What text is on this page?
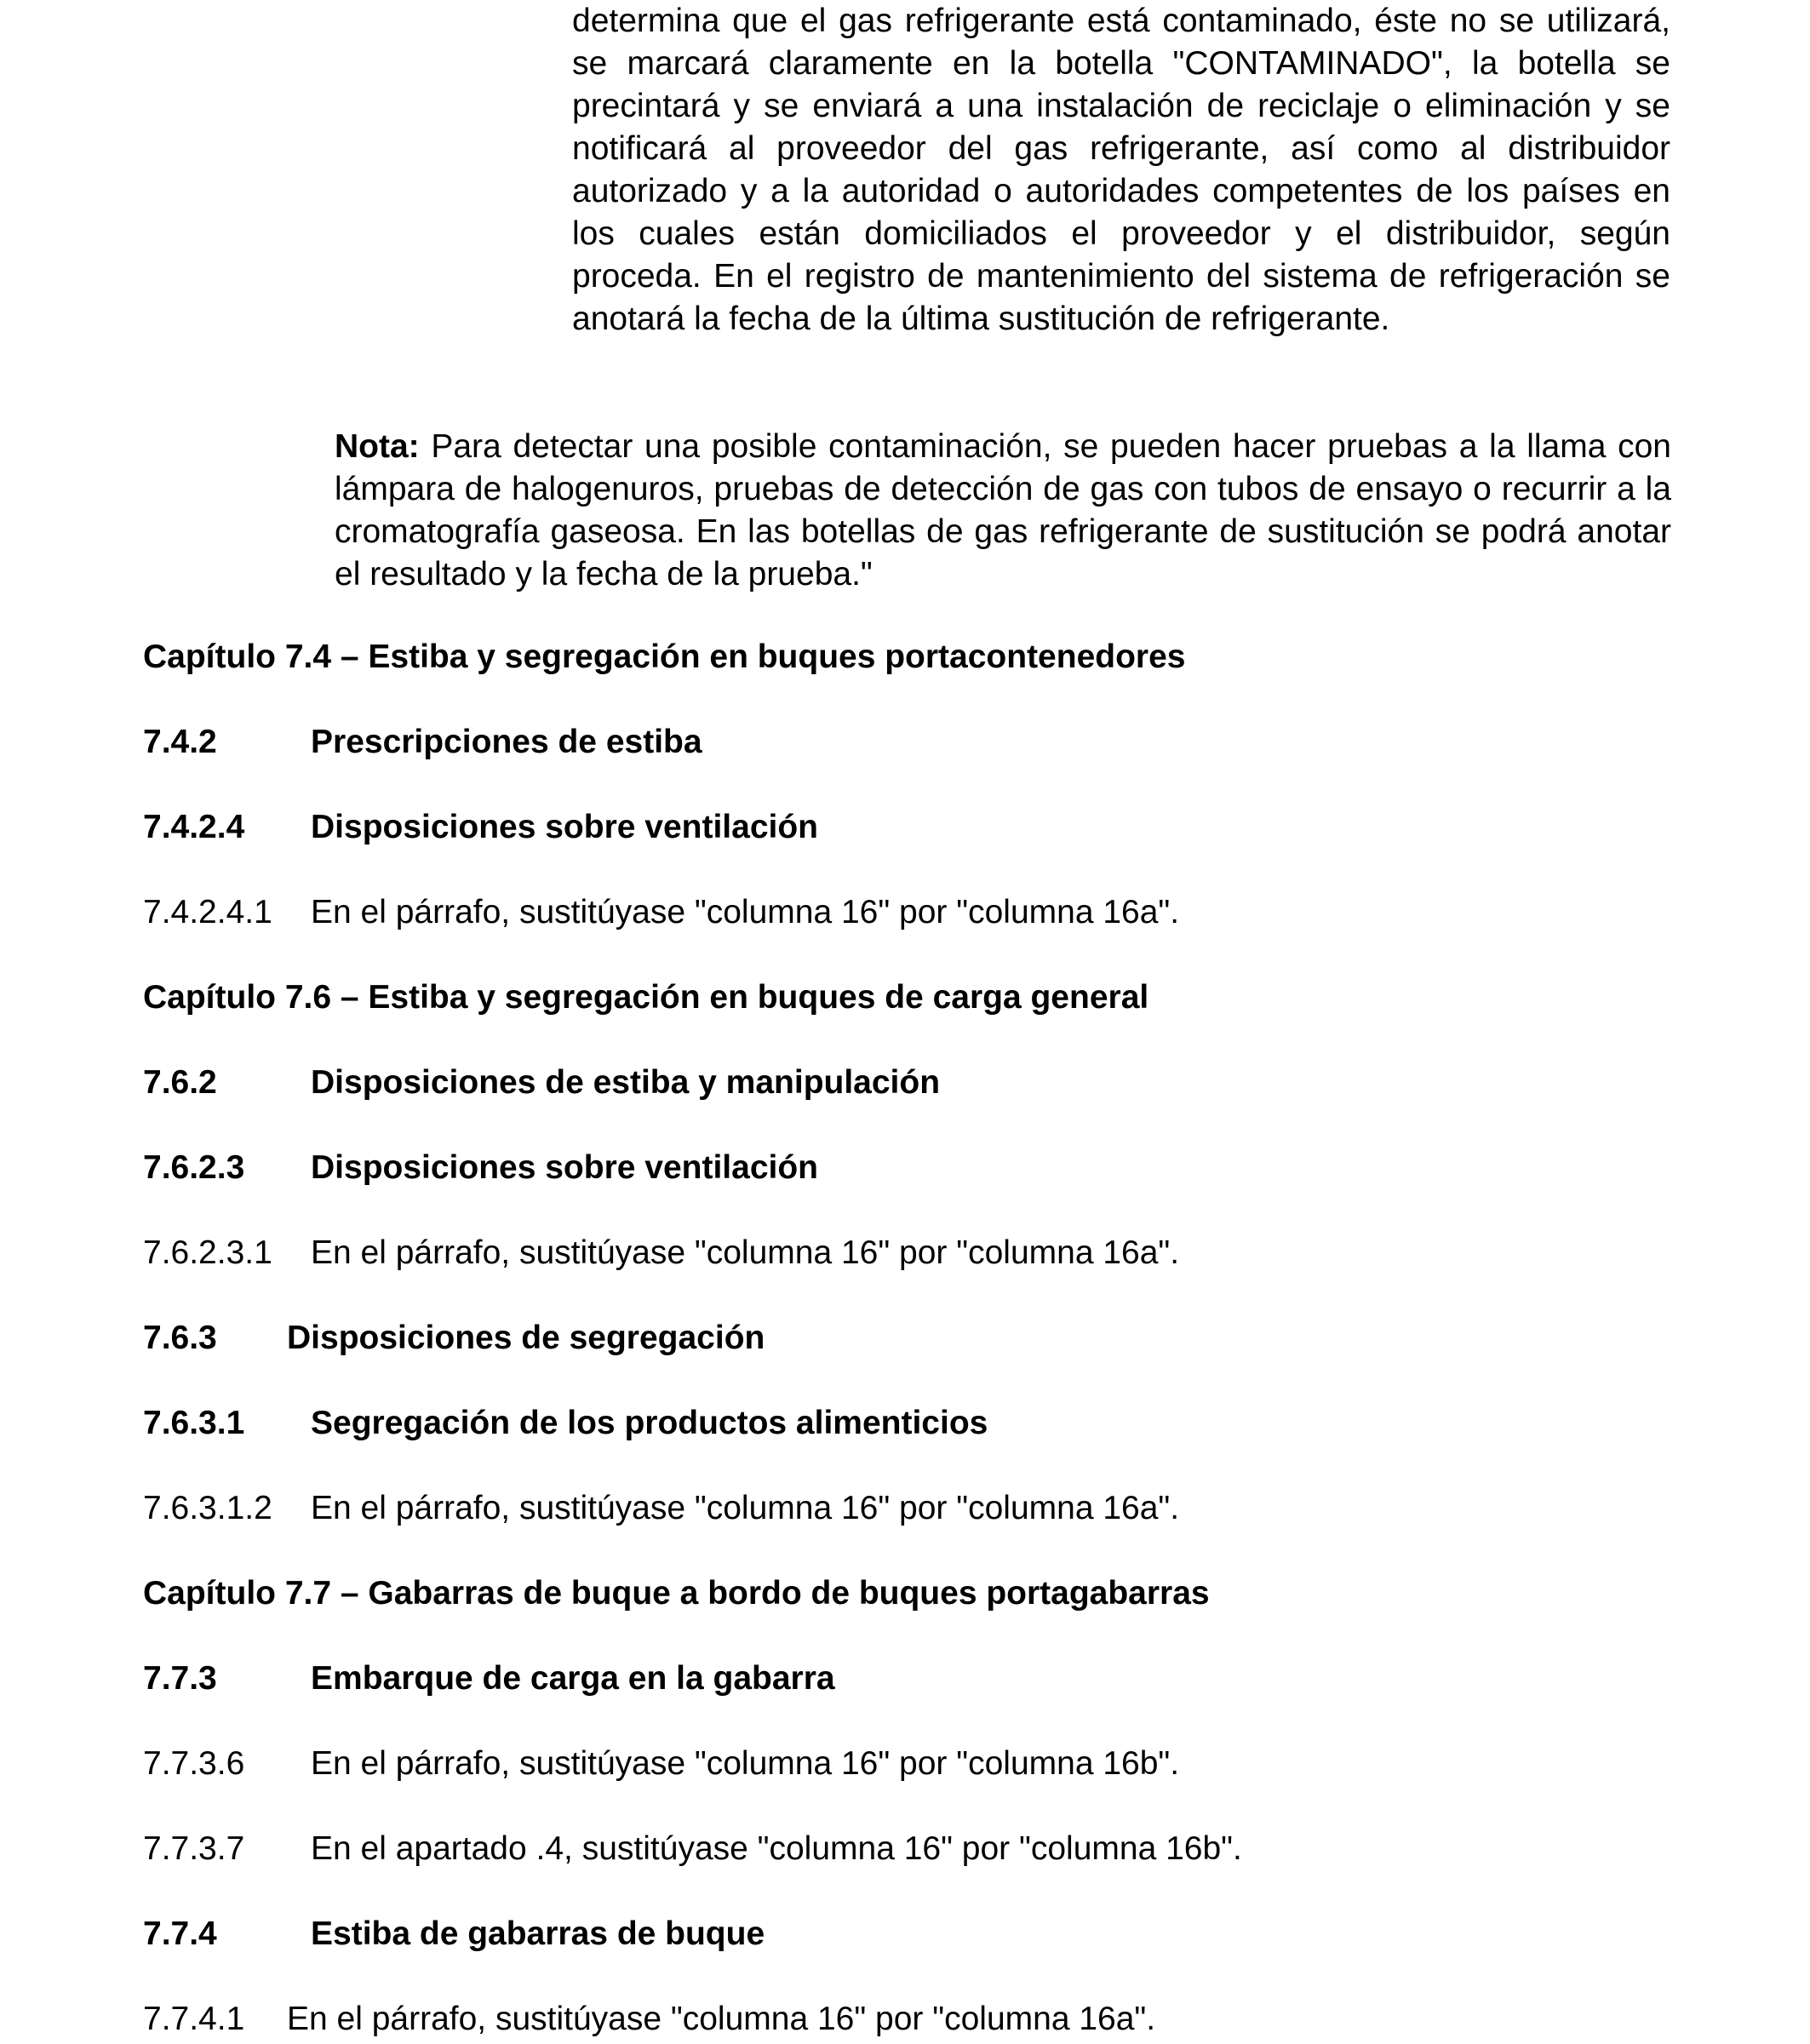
determina que el gas refrigerante está contaminado, éste no se utilizará, se marcará claramente en la botella "CONTAMINADO", la botella se precintará y se enviará a una instalación de reciclaje o eliminación y se notificará al proveedor del gas refrigerante, así como al distribuidor autorizado y a la autoridad o autoridades competentes de los países en los cuales están domiciliados el proveedor y el distribuidor, según proceda. En el registro de mantenimiento del sistema de refrigeración se anotará la fecha de la última sustitución de refrigerante.
Nota: Para detectar una posible contaminación, se pueden hacer pruebas a la llama con lámpara de halogenuros, pruebas de detección de gas con tubos de ensayo o recurrir a la cromatografía gaseosa. En las botellas de gas refrigerante de sustitución se podrá anotar el resultado y la fecha de la prueba."
Capítulo 7.4 – Estiba y segregación en buques portacontenedores
7.4.2	Prescripciones de estiba
7.4.2.4 Disposiciones sobre ventilación
7.4.2.4.1 En el párrafo, sustitúyase "columna 16" por "columna 16a".
Capítulo 7.6 – Estiba y segregación en buques de carga general
7.6.2	Disposiciones de estiba y manipulación
7.6.2.3 Disposiciones sobre ventilación
7.6.2.3.1 En el párrafo, sustitúyase "columna 16" por "columna 16a".
7.6.3 Disposiciones de segregación
7.6.3.1 Segregación de los productos alimenticios
7.6.3.1.2 En el párrafo, sustitúyase "columna 16" por "columna 16a".
Capítulo 7.7 – Gabarras de buque a bordo de buques portagabarras
7.7.3	Embarque de carga en la gabarra
7.7.3.6 En el párrafo, sustitúyase "columna 16" por "columna 16b".
7.7.3.7 En el apartado .4, sustitúyase "columna 16" por "columna 16b".
7.7.4	Estiba de gabarras de buque
7.7.4.1 En el párrafo, sustitúyase "columna 16" por "columna 16a".
